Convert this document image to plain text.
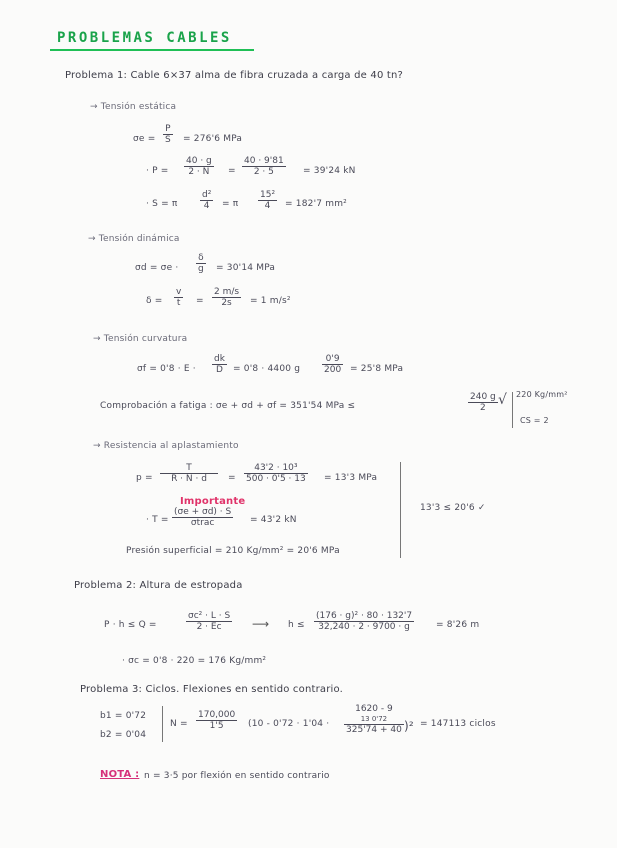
PROBLEMAS CABLES
Problema 1: Cable 6×37 alma de fibra cruzada a carga de 40 tn?
→ Tensión estática
$\sigma e = \frac{P}{S} = 276'6$ MPa
· $P = \frac{40 \cdot g}{2 \cdot N} = \frac{40 \cdot 9'81}{2 \cdot 5} = 39'24$ kN
· S = π $\frac{\text{d²}}{4} = \pi \frac{\text{15²}}{4} = 182'7$ mm²
→ Tensión dinámica
$\sigma d = \sigma e \cdot \frac{\delta}{g} = 30'14$ MPa
$\delta = \frac{v}{t} = \frac{2 m/s}{2s} = 1$ m/s²
→ Tensión curvatura
$\sigma f = 0'8 \cdot E \cdot \frac{dk}{D} = 0'8 \cdot 4400$ g $\frac{0'9}{200} = 25'8$ MPa
Comprobación a fatiga : σe + σd + σf = 351'54 MPa ≤	$\frac{240 g}{2}$ √ 220 Kg/mm²
CS = 2
→ Resistencia al aplastamiento
$p = \frac{T}{R \cdot N \cdot d} = \frac{\text{43'2 · 10³}}{500 \cdot 0'5 \cdot 13} = 13'3$ MPa
Importante
· T =
(σe + σd) · S
σtrac	= 43'2 kN
Presión superficial = 210 Kg/mm² = 20'6 MPa
13'3 ≤ 20'6 ✓
Problema 2: Altura de estropada
P · h ≤ Q =	$\frac{\text{σc² · L · S}}{2 \cdot Ec}$ ⟶ $h \le \frac{\text{(176 · g)² · 80 · 132'7}}{32,240 \cdot 2 \cdot 9700 \cdot g} = 8'26$ m
· σc = 0'8 · 220 = 176 Kg/mm²
Problema 3: Ciclos. Flexiones en sentido contrario.
b1 = 0'72
b2 = 0'04
$N = \frac{170,000}{1'5} (10 - 0'72 \cdot 1'04$ ·
1620 - 9
13 0'72
325'74 + 40 )² = 147113 ciclos
NOTA : n = 3·5 por flexión en sentido contrario
